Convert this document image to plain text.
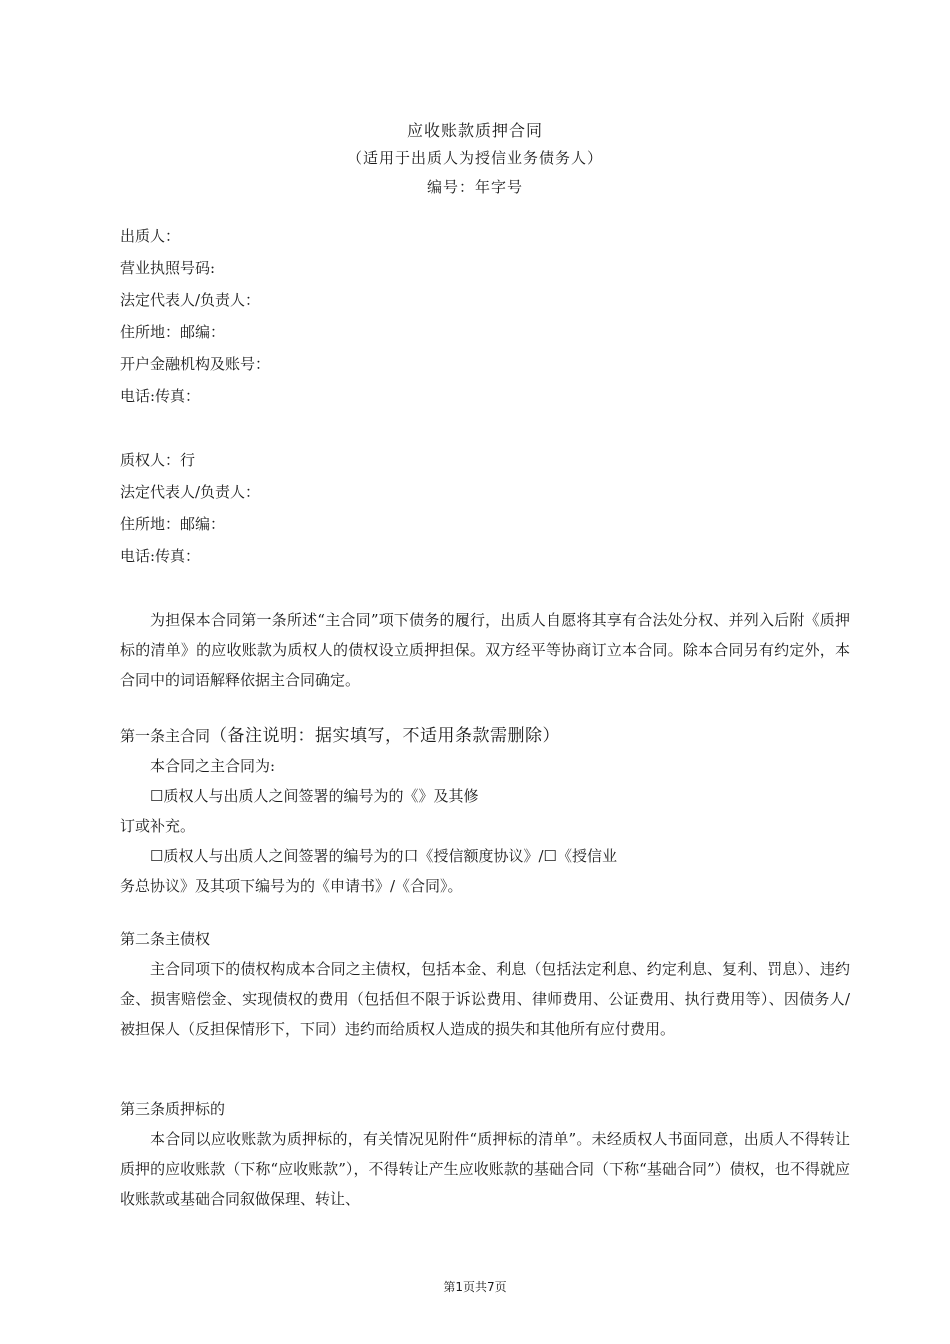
应收账款质押合同
（适用于出质人为授信业务债务人）
编号：年字号
出质人：
营业执照号码:
法定代表人/负责人：
住所地：邮编：
开户金融机构及账号：
电话:传真：
质权人：行
法定代表人/负责人：
住所地：邮编：
电话:传真：
为担保本合同第一条所述“主合同”项下债务的履行，出质人自愿将其享有合法处分权、并列入后附《质押标的清单》的应收账款为质权人的债权设立质押担保。双方经平等协商订立本合同。除本合同另有约定外，本合同中的词语解释依据主合同确定。
第一条主合同（备注说明：据实填写，不适用条款需删除）
本合同之主合同为:
☐质权人与出质人之间签署的编号为的《》及其修
订或补充。
☐质权人与出质人之间签署的编号为的口《授信额度协议》/☐《授信业
务总协议》及其项下编号为的《申请书》/《合同》。
第二条主债权
主合同项下的债权构成本合同之主债权，包括本金、利息（包括法定利息、约定利息、复利、罚息）、违约金、损害赔偿金、实现债权的费用（包括但不限于诉讼费用、律师费用、公证费用、执行费用等）、因债务人/被担保人（反担保情形下，下同）违约而给质权人造成的损失和其他所有应付费用。
第三条质押标的
本合同以应收账款为质押标的，有关情况见附件“质押标的清单”。未经质权人书面同意，出质人不得转让质押的应收账款（下称“应收账款”），不得转让产生应收账款的基础合同（下称“基础合同”）债权，也不得就应收账款或基础合同叙做保理、转让、
第1页共7页
